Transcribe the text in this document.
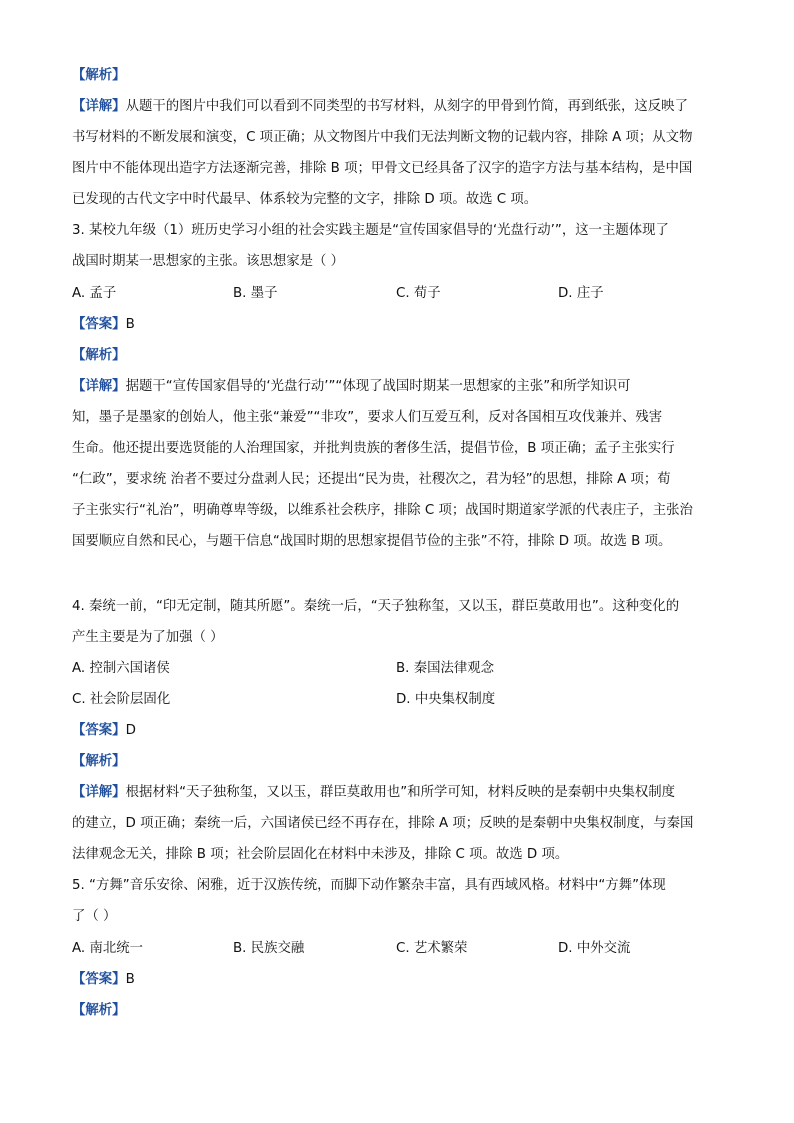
【解析】
【详解】从题干的图片中我们可以看到不同类型的书写材料，从刻字的甲骨到竹简，再到纸张，这反映了
书写材料的不断发展和演变，C 项正确；从文物图片中我们无法判断文物的记载内容，排除 A 项；从文物
图片中不能体现出造字方法逐渐完善，排除 B 项；甲骨文已经具备了汉字的造字方法与基本结构，是中国
已发现的古代文字中时代最早、体系较为完整的文字，排除 D 项。故选 C 项。
3. 某校九年级（1）班历史学习小组的社会实践主题是“宣传国家倡导的‘光盘行动’”，这一主题体现了
战国时期某一思想家的主张。该思想家是（ ）
A. 孟子	B. 墨子	C. 荀子	D. 庄子
【答案】B
【解析】
【详解】据题干“宣传国家倡导的‘光盘行动’”“体现了战国时期某一思想家的主张”和所学知识可
知，墨子是墨家的创始人，他主张“兼爱”“非攻”，要求人们互爱互利，反对各国相互攻伐兼并、残害
生命。他还提出要选贤能的人治理国家，并批判贵族的奢侈生活，提倡节俭，B 项正确；孟子主张实行
“仁政”，要求统 治者不要过分盘剥人民；还提出“民为贵，社稷次之，君为轻”的思想，排除 A 项；荀
子主张实行“礼治”，明确尊卑等级，以维系社会秩序，排除 C 项；战国时期道家学派的代表庄子，主张治
国要顺应自然和民心，与题干信息“战国时期的思想家提倡节俭的主张”不符，排除 D 项。故选 B 项。
4. 秦统一前，“印无定制，随其所愿”。秦统一后，“天子独称玺，又以玉，群臣莫敢用也”。这种变化的
产生主要是为了加强（ ）
A. 控制六国诸侯	B. 秦国法律观念
C. 社会阶层固化	D. 中央集权制度
【答案】D
【解析】
【详解】根据材料“天子独称玺，又以玉，群臣莫敢用也”和所学可知，材料反映的是秦朝中央集权制度
的建立，D 项正确；秦统一后，六国诸侯已经不再存在，排除 A 项；反映的是秦朝中央集权制度，与秦国
法律观念无关，排除 B 项；社会阶层固化在材料中未涉及，排除 C 项。故选 D 项。
5. “方舞”音乐安徐、闲雅，近于汉族传统，而脚下动作繁杂丰富，具有西域风格。材料中“方舞”体现
了（ ）
A. 南北统一	B. 民族交融	C. 艺术繁荣	D. 中外交流
【答案】B
【解析】
